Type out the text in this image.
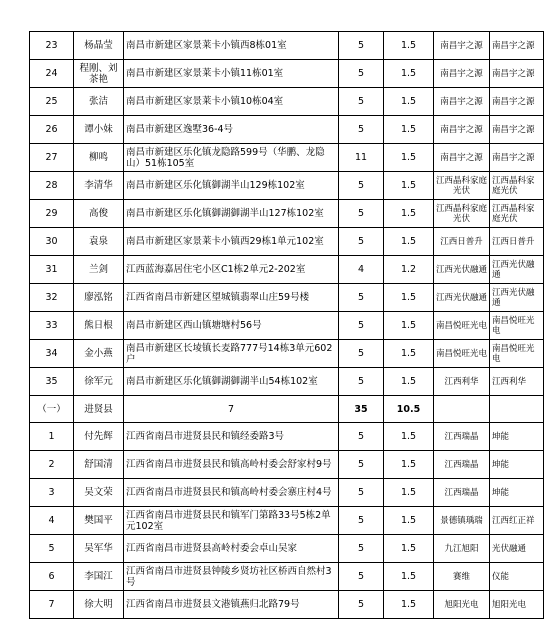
23	杨晶莹	南昌市新建区家景莱卡小镇西8栋01室	5	1.5	南昌宇之源	南昌宇之源
24	程刚、刘茶艳	南昌市新建区家景莱卡小镇11栋01室	5	1.5	南昌宇之源	南昌宇之源
25	张洁	南昌市新建区家景莱卡小镇10栋04室	5	1.5	南昌宇之源	南昌宇之源
26	谭小妹	南昌市新建区逸墅36-4号	5	1.5	南昌宇之源	南昌宇之源
27	柳鸣	南昌市新建区乐化镇龙隐路599号（华鹏、龙隐山）51栋105室	11	1.5	南昌宇之源	南昌宇之源
28	李清华	南昌市新建区乐化镇御湖半山129栋102室	5	1.5	江西晶科家庭光伏	江西晶科家庭光伏
29	高俊	南昌市新建区乐化镇御湖御湖半山127栋102室	5	1.5	江西晶科家庭光伏	江西晶科家庭光伏
30	袁泉	南昌市新建区家景莱卡小镇西29栋1单元102室	5	1.5	江西日普升	江西日普升
31	兰剑	江西蓝海嘉居住宅小区C1栋2单元2-202室	4	1.2	江西光伏融通	江西光伏融通
32	廖泓铭	江西省南昌市新建区望城镇翡翠山庄59号楼	5	1.5	江西光伏融通	江西光伏融通
33	熊日根	南昌市新建区西山镇塘塘村56号	5	1.5	南昌悦旺光电	南昌悦旺光电
34	金小燕	南昌市新建区长堎镇长麦路777号14栋3单元602户	5	1.5	南昌悦旺光电	南昌悦旺光电
35	徐军元	南昌市新建区乐化镇御湖御湖半山54栋102室	5	1.5	江西利华	江西利华
（一）	进贤县	7	35	10.5		
1	付先辉	江西省南昌市进贤县民和镇经委路3号	5	1.5	江西瑞晶	坤能
2	舒国清	江西省南昌市进贤县民和镇高岭村委会舒家村9号	5	1.5	江西瑞晶	坤能
3	吴文荣	江西省南昌市进贤县民和镇高岭村委会寨庄村4号	5	1.5	江西瑞晶	坤能
4	樊国平	江西省南昌市进贤县民和镇军门第路33号5栋2单元102室	5	1.5	景德镇瑀瑞	江西红正祥
5	吴军华	江西省南昌市进贤县高岭村委会卓山吴家	5	1.5	九江旭阳	光伏融通
6	李国江	江西省南昌市进贤县钟陵乡贤坊社区桥西自然村3号	5	1.5	赛维	仪能
7	徐大明	江西省南昌市进贤县文港镇燕归北路79号	5	1.5	旭阳光电	旭阳光电
